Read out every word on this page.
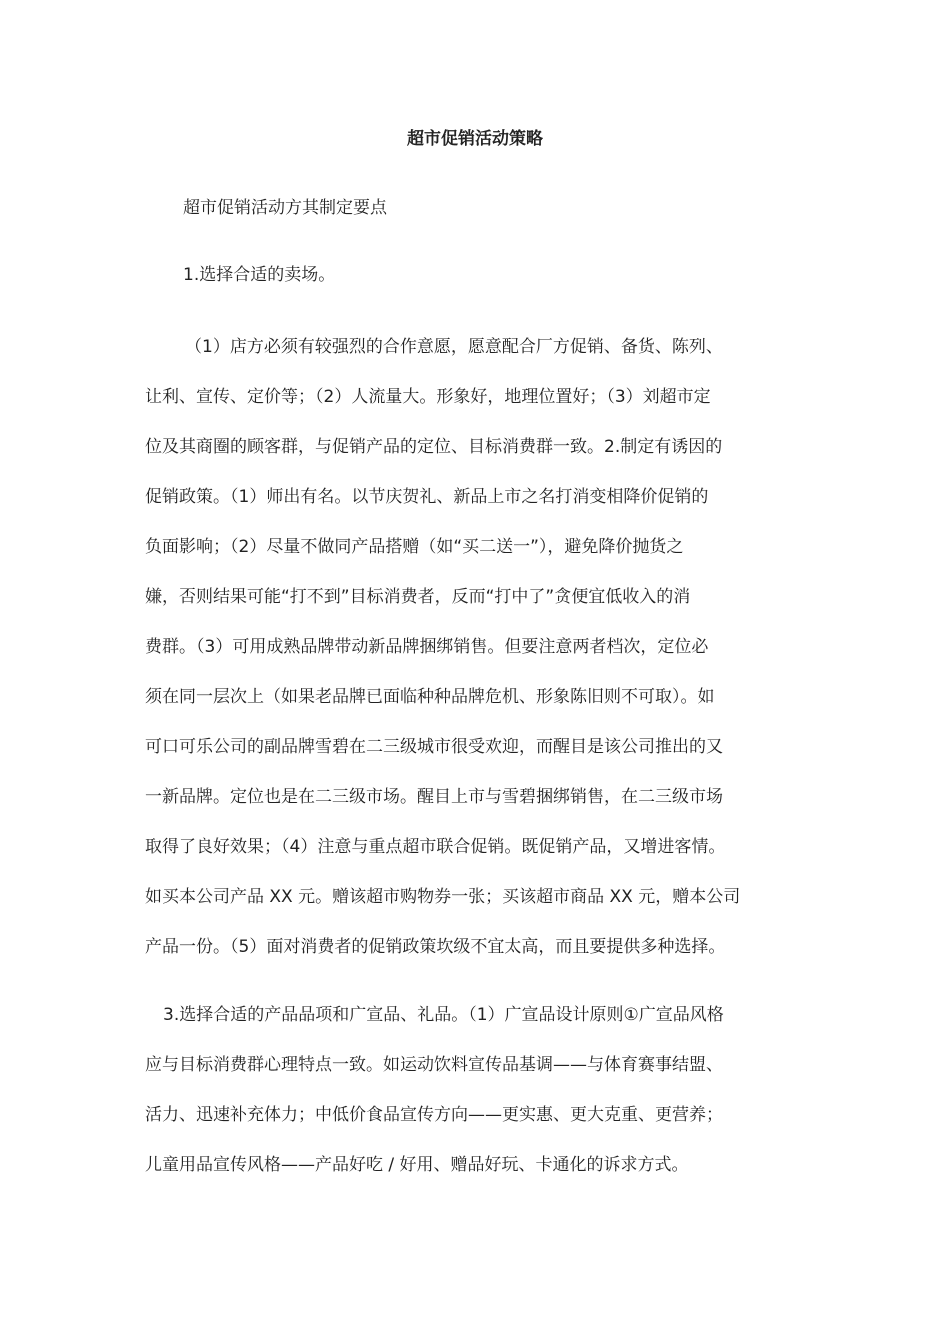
超市促销活动策略

超市促销活动方其制定要点

1.选择合适的卖场。

（1）店方必须有较强烈的合作意愿，愿意配合厂方促销、备货、陈列、
让利、宣传、定价等；（2）人流量大。形象好，地理位置好；（3）刘超市定
位及其商圈的顾客群，与促销产品的定位、目标消费群一致。2.制定有诱因的
促销政策。（1）师出有名。以节庆贺礼、新品上市之名打消变相降价促销的
负面影响；（2）尽量不做同产品搭赠（如“买二送一”），避免降价抛货之
嫌，否则结果可能“打不到”目标消费者，反而“打中了”贪便宜低收入的消
费群。（3）可用成熟品牌带动新品牌捆绑销售。但要注意两者档次，定位必
须在同一层次上（如果老品牌已面临种种品牌危机、形象陈旧则不可取）。如
可口可乐公司的副品牌雪碧在二三级城市很受欢迎，而醒目是该公司推出的又
一新品牌。定位也是在二三级市场。醒目上市与雪碧捆绑销售，在二三级市场
取得了良好效果；（4）注意与重点超市联合促销。既促销产品，又增进客情。
如买本公司产品 XX 元。赠该超市购物券一张；买该超市商品 XX 元，赠本公司
产品一份。（5）面对消费者的促销政策坎级不宜太高，而且要提供多种选择。
3.选择合适的产品品项和广宣品、礼品。（1）广宣品设计原则①广宣品风格
应与目标消费群心理特点一致。如运动饮料宣传品基调——与体育赛事结盟、
活力、迅速补充体力；中低价食品宣传方向——更实惠、更大克重、更营养；
儿童用品宣传风格——产品好吃 / 好用、赠品好玩、卡通化的诉求方式。
